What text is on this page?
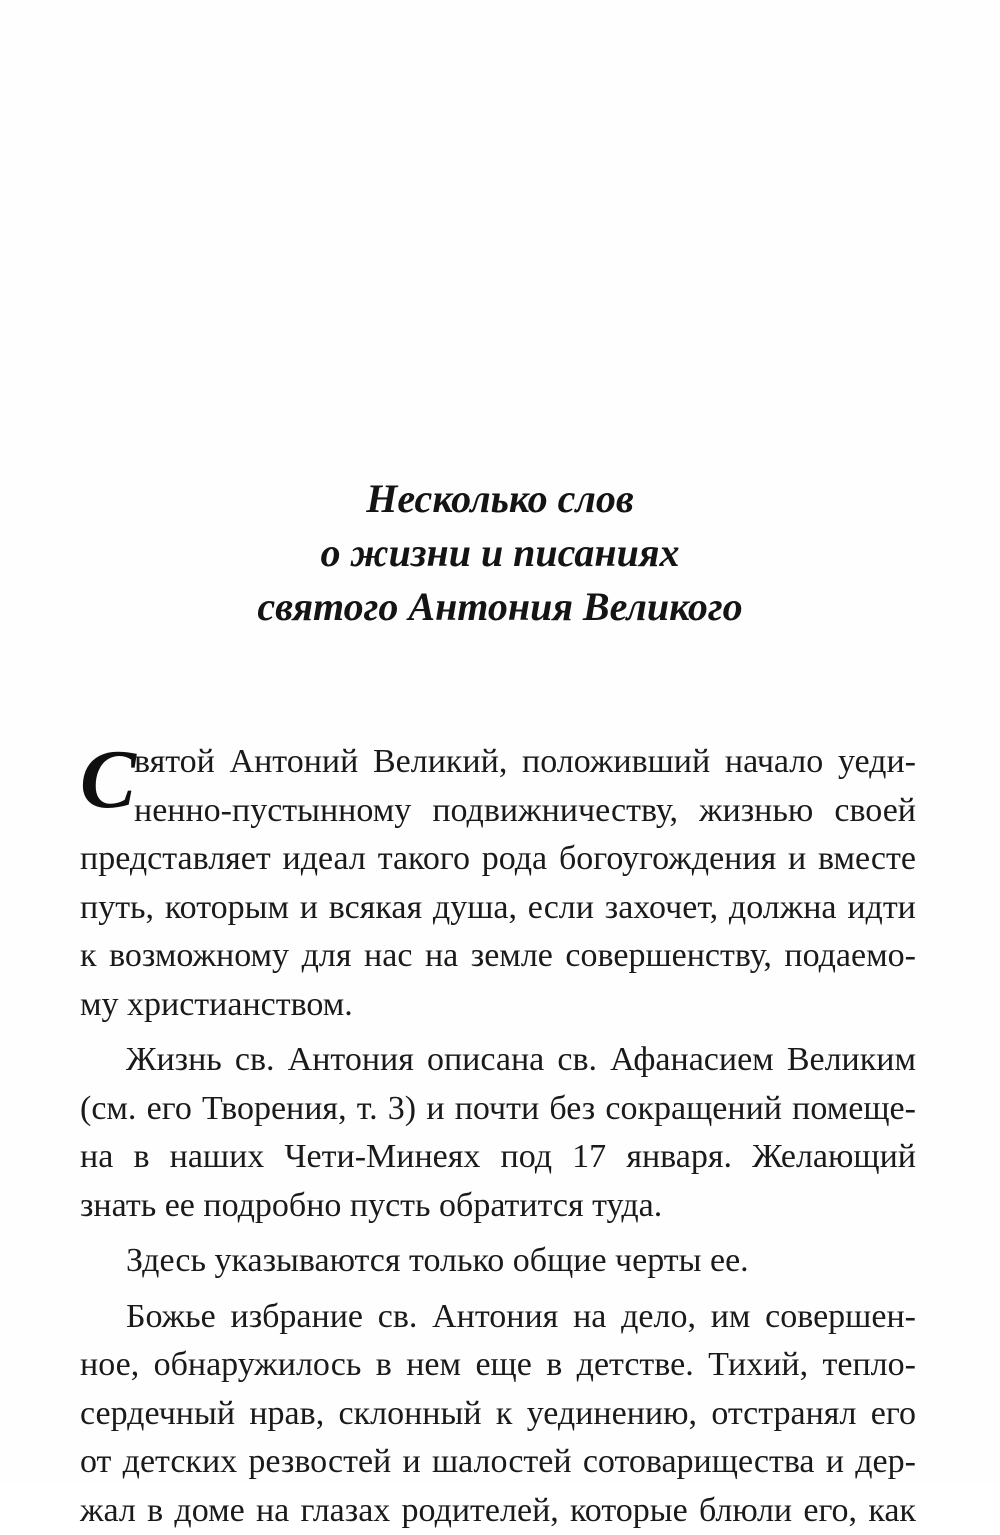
Несколько слов
о жизни и писаниях
святого Антония Великого
С
вятой Антоний Великий, положивший начало уеди-
ненно-пустынному подвижничеству, жизнью своей
представляет идеал такого рода богоугождения и вместе
путь, которым и всякая душа, если захочет, должна идти
к возможному для нас на земле совершенству, подаемо-
му христианством.
Жизнь св. Антония описана св. Афанасием Великим
(см. его Творения, т. 3) и почти без сокращений помеще-
на в наших Чети-Минеях под 17 января. Желающий
знать ее подробно пусть обратится туда.
Здесь указываются только общие черты ее.
Божье избрание св. Антония на дело, им совершен-
ное, обнаружилось в нем еще в детстве. Тихий, тепло-
сердечный нрав, склонный к уединению, отстранял его
от детских резвостей и шалостей сотоварищества и дер-
жал в доме на глазах родителей, которые блюли его, как
